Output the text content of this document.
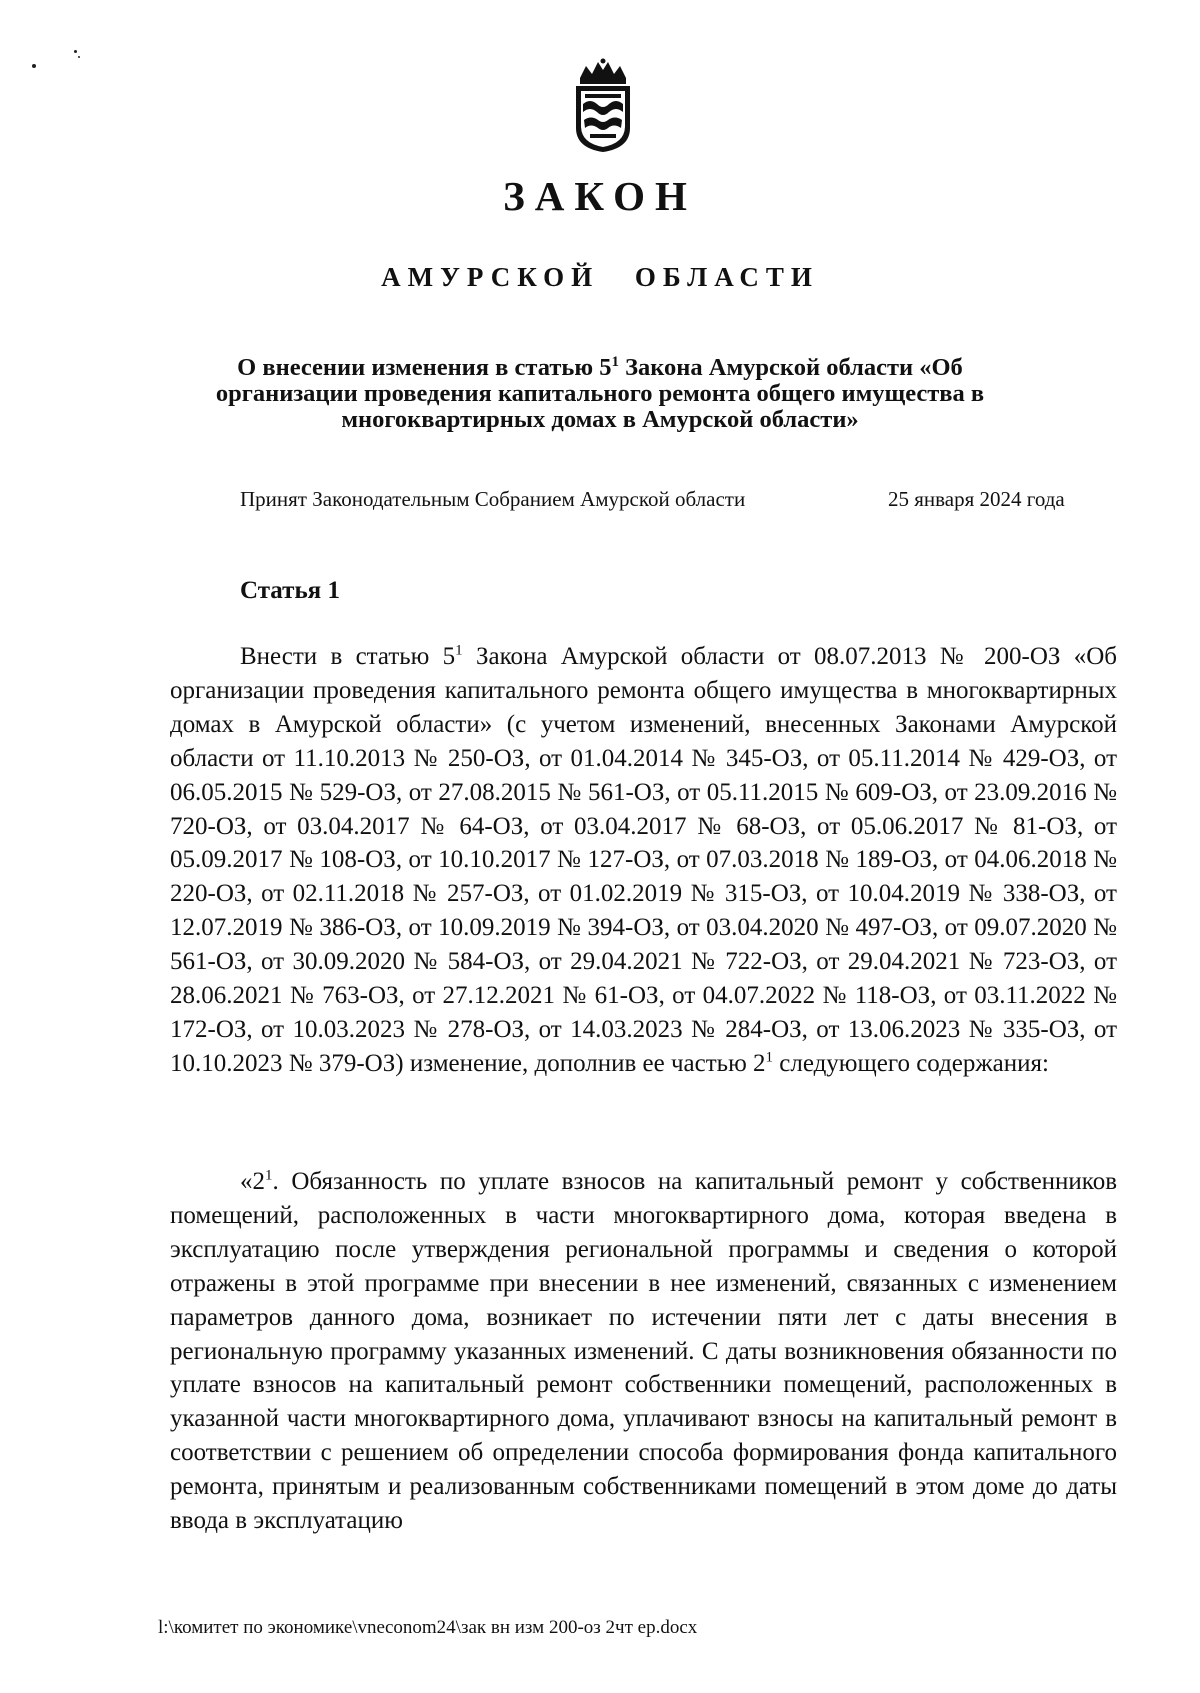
ЗАКОН
АМУРСКОЙ ОБЛАСТИ
О внесении изменения в статью $5^1$ Закона Амурской области «Об
организации проведения капитального ремонта общего имущества в
многоквартирных домах в Амурской области»
Принят Законодательным Собранием Амурской области	25 января 2024 года
Статья 1

Внести в статью $5^1$ Закона Амурской области от 08.07.2013 № 200-ОЗ «Об организации проведения капитального ремонта общего имущества в многоквартирных домах в Амурской области» (с учетом изменений, внесенных Законами Амурской области от 11.10.2013 № 250-ОЗ, от 01.04.2014 № 345-ОЗ, от 05.11.2014 № 429-ОЗ, от 06.05.2015 № 529-ОЗ, от 27.08.2015 № 561-ОЗ, от 05.11.2015 № 609-ОЗ, от 23.09.2016 № 720-ОЗ, от 03.04.2017 № 64-ОЗ, от 03.04.2017 № 68-ОЗ, от 05.06.2017 № 81-ОЗ, от 05.09.2017 № 108-ОЗ, от 10.10.2017 № 127-ОЗ, от 07.03.2018 № 189-ОЗ, от 04.06.2018 № 220-ОЗ, от 02.11.2018 № 257-ОЗ, от 01.02.2019 № 315-ОЗ, от 10.04.2019 № 338-ОЗ, от 12.07.2019 № 386-ОЗ, от 10.09.2019 № 394-ОЗ, от 03.04.2020 № 497-ОЗ, от 09.07.2020 № 561-ОЗ, от 30.09.2020 № 584-ОЗ, от 29.04.2021 № 722-ОЗ, от 29.04.2021 № 723-ОЗ, от 28.06.2021 № 763-ОЗ, от 27.12.2021 № 61-ОЗ, от 04.07.2022 № 118-ОЗ, от 03.11.2022 № 172-ОЗ, от 10.03.2023 № 278-ОЗ, от 14.03.2023 № 284-ОЗ, от 13.06.2023 № 335-ОЗ, от 10.10.2023 № 379-ОЗ) изменение, дополнив ее частью $2^1$ следующего содержания:

«$2^1$. Обязанность по уплате взносов на капитальный ремонт у собственников помещений, расположенных в части многоквартирного дома, которая введена в эксплуатацию после утверждения региональной программы и сведения о которой отражены в этой программе при внесении в нее изменений, связанных с изменением параметров данного дома, возникает по истечении пяти лет с даты внесения в региональную программу указанных изменений. С даты возникновения обязанности по уплате взносов на капитальный ремонт собственники помещений, расположенных в указанной части многоквартирного дома, уплачивают взносы на капитальный ремонт в соответствии с решением об определении способа формирования фонда капитального ремонта, принятым и реализованным собственниками помещений в этом доме до даты ввода в эксплуатацию

l:\комитет по экономике\vneconom24\зак вн изм 200-оз 2чт ер.docx
